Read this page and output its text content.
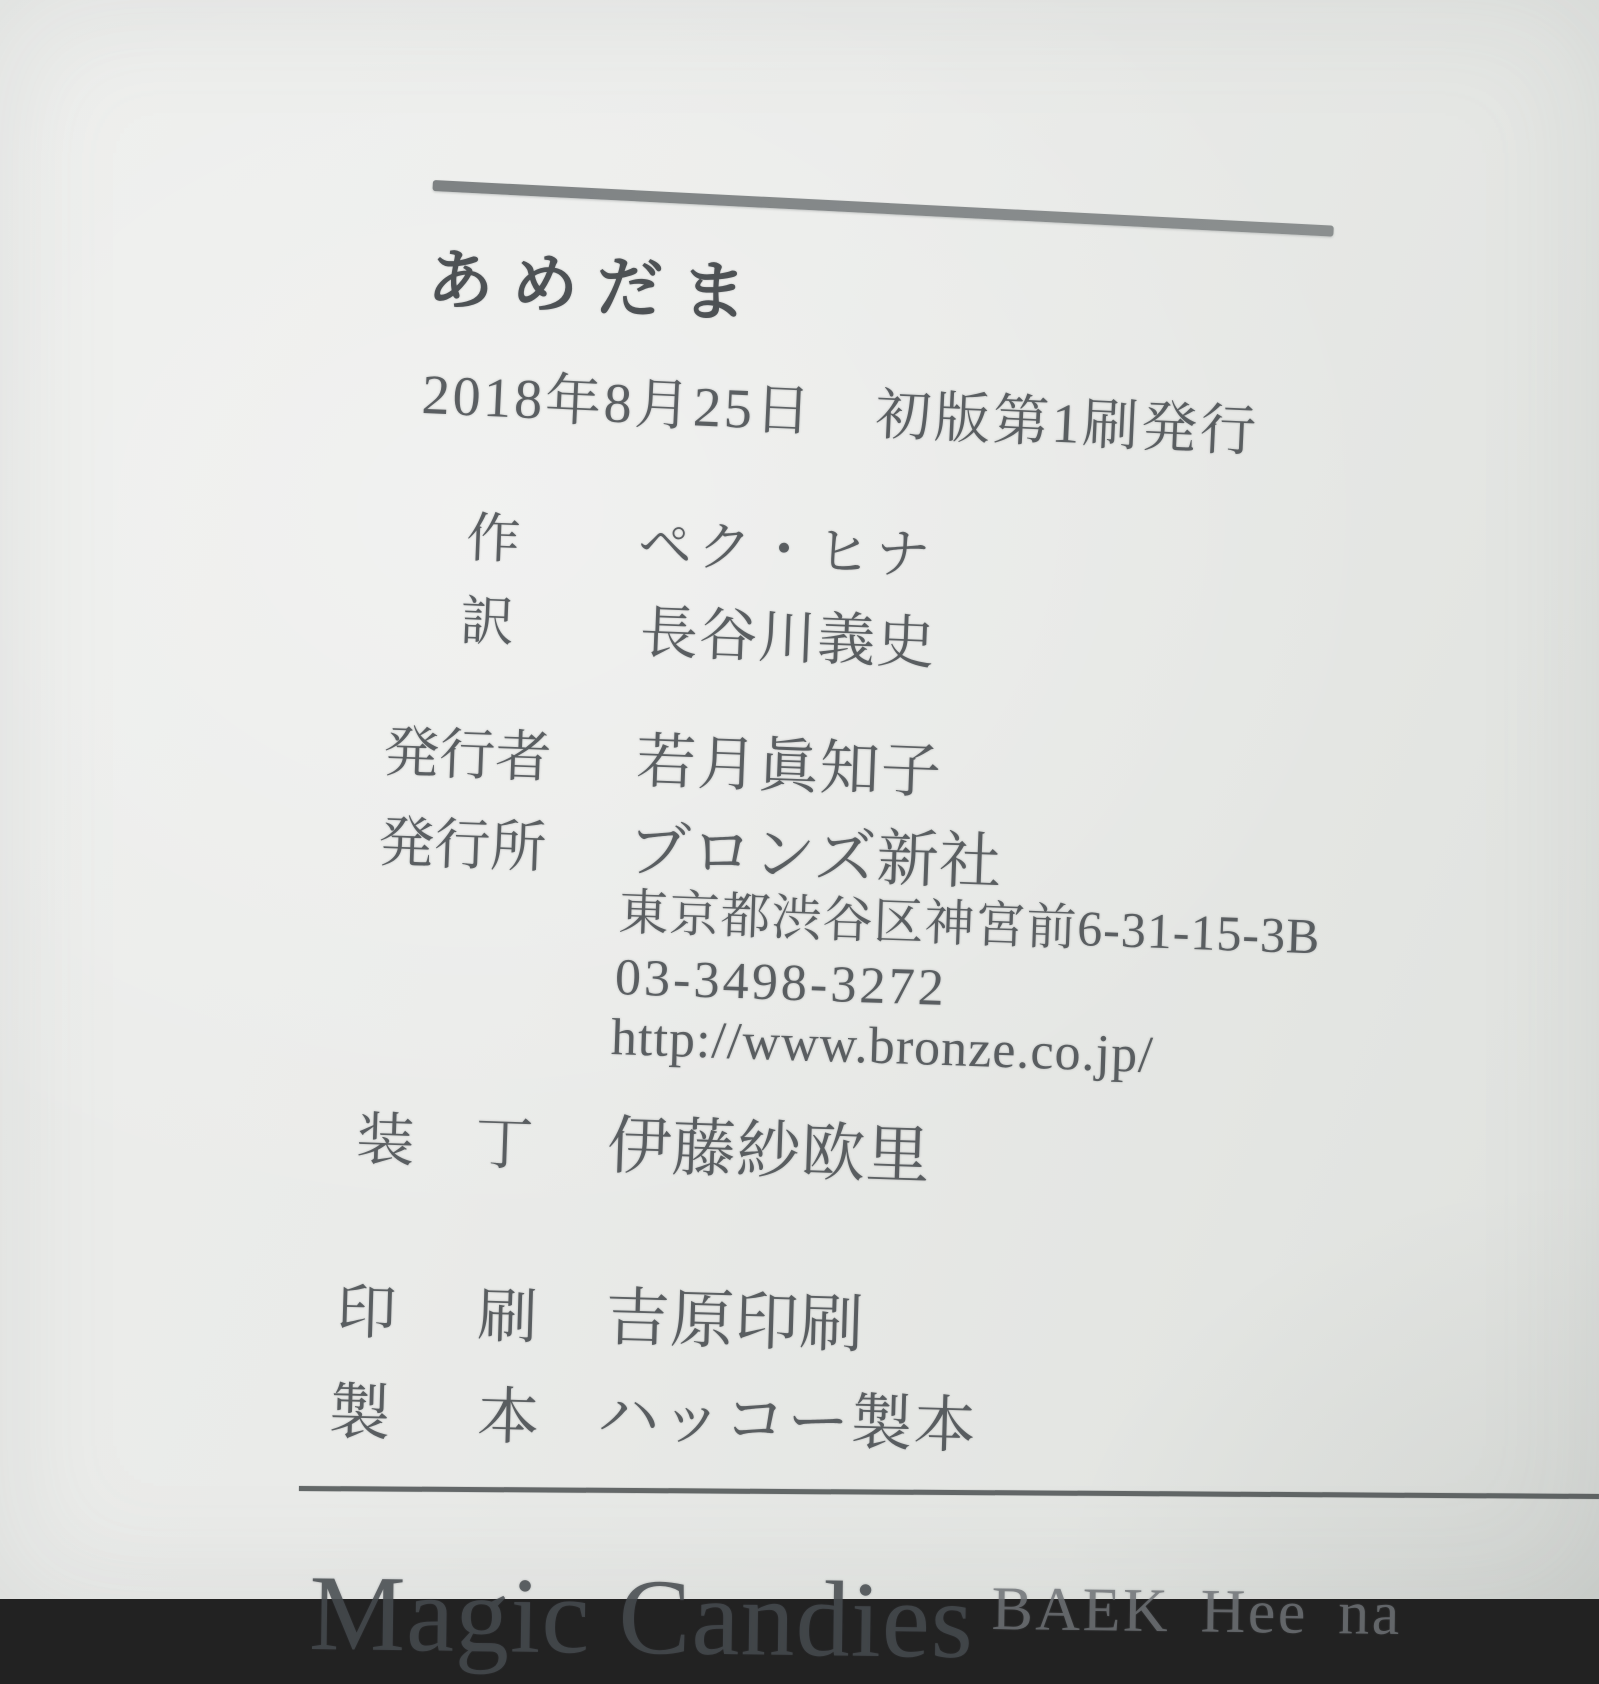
あめだま
2018年8月25日 初版第1刷発行
作 ペク・ヒナ
訳 長谷川義史
発行者 若月眞知子
発行所 ブロンズ新社
東京都渋谷区神宮前6-31-15-3B
03-3498-3272
http://www.bronze.co.jp/
装丁 伊藤紗欧里
印刷
吉原印刷
製本
ハッコー製本
Magic Candies BAEK Hee na
